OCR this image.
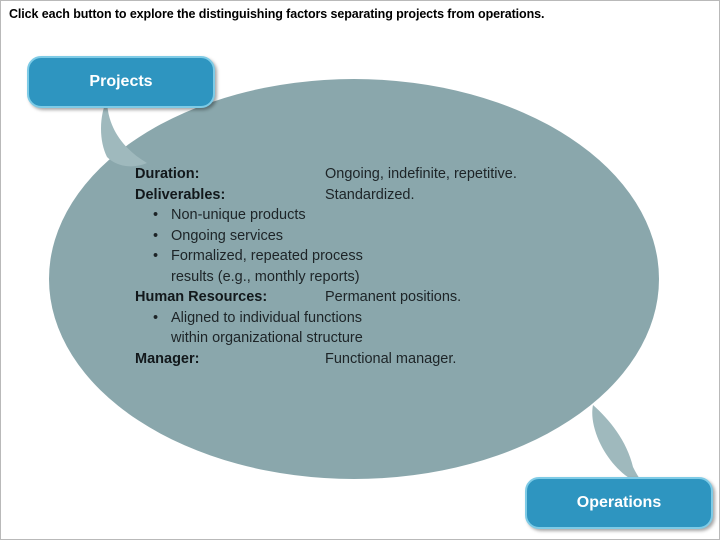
Click each button to explore the distinguishing factors separating projects from operations.
Projects
Operations
Duration:	Ongoing, indefinite, repetitive.
Deliverables:	Standardized.
• Non-unique products
• Ongoing services
• Formalized, repeated process results (e.g., monthly reports)
Human Resources:	Permanent positions.
• Aligned to individual functions within organizational structure
Manager:	Functional manager.
